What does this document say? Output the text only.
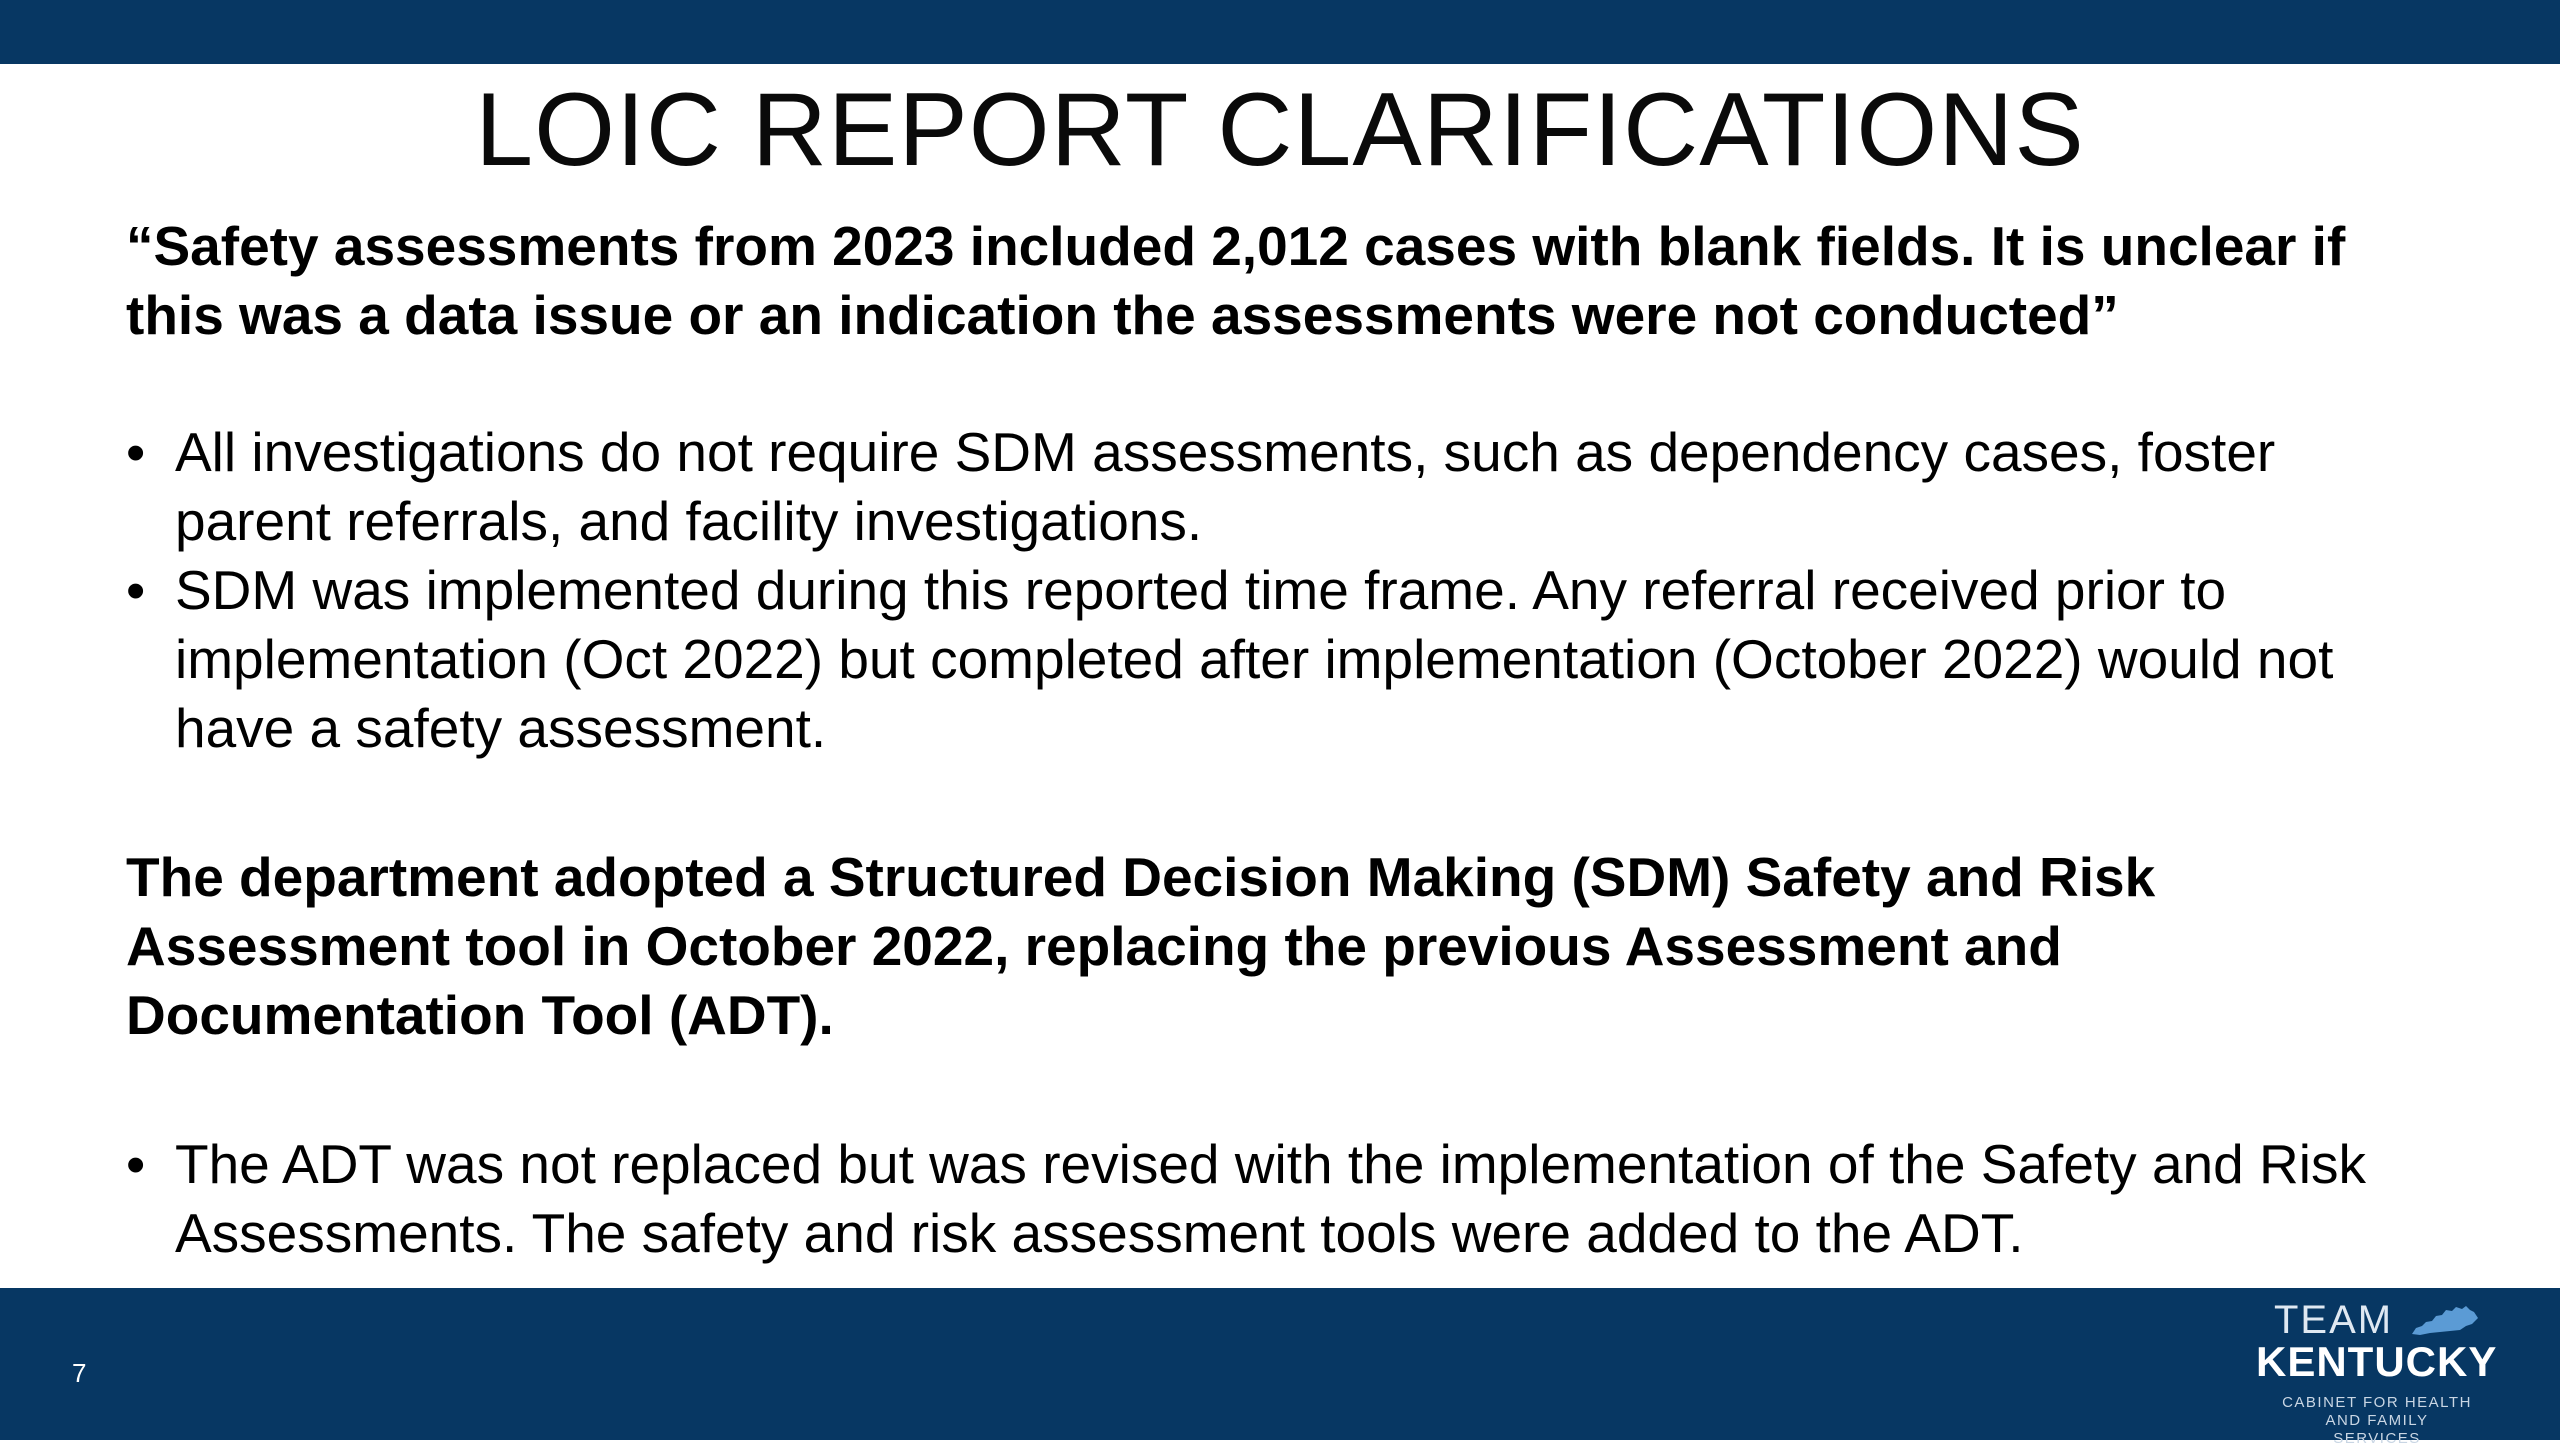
LOIC REPORT CLARIFICATIONS

“Safety assessments from 2023 included 2,012 cases with blank fields. It is unclear if this was a data issue or an indication the assessments were not conducted”

• All investigations do not require SDM assessments, such as dependency cases, foster parent referrals, and facility investigations.
• SDM was implemented during this reported time frame. Any referral received prior to implementation (Oct 2022) but completed after implementation (October 2022) would not have a safety assessment.

The department adopted a Structured Decision Making (SDM) Safety and Risk Assessment tool in October 2022, replacing the previous Assessment and Documentation Tool (ADT).

• The ADT was not replaced but was revised with the implementation of the Safety and Risk Assessments. The safety and risk assessment tools were added to the ADT.
7
TEAM
KENTUCKY
CABINET FOR HEALTH
AND FAMILY SERVICES
